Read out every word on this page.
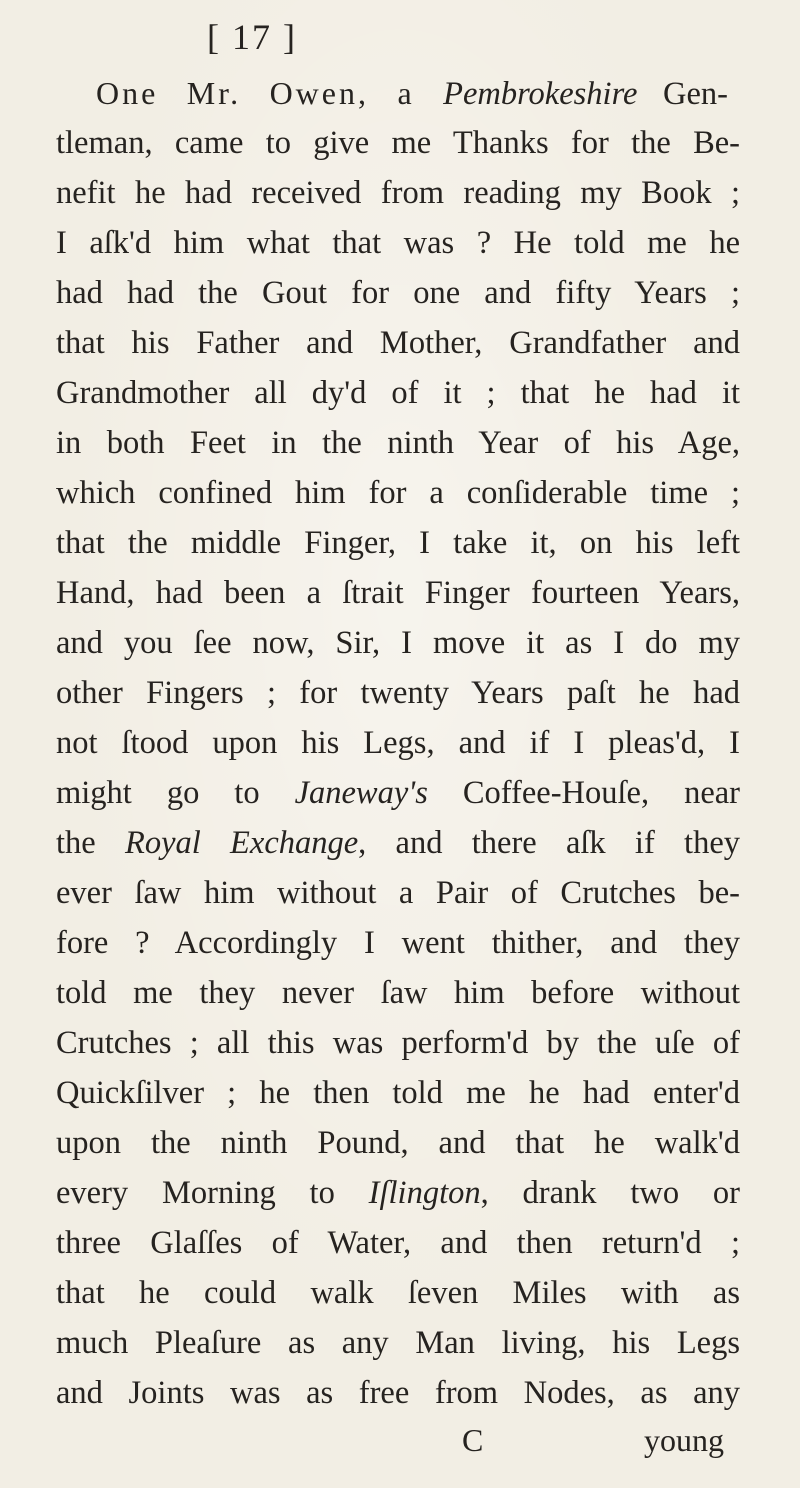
[ 17 ]
One Mr. Owen, a Pembrokeshire Gen-
tleman, came to give me Thanks for the Be-
nefit he had received from reading my Book ;
I aſk'd him what that was ? He told me he
had had the Gout for one and fifty Years ;
that his Father and Mother, Grandfather and
Grandmother all dy'd of it ; that he had it
in both Feet in the ninth Year of his Age,
which confined him for a conſiderable time ;
that the middle Finger, I take it, on his left
Hand, had been a ſtrait Finger fourteen Years,
and you ſee now, Sir, I move it as I do my
other Fingers ; for twenty Years paſt he had
not ſtood upon his Legs, and if I pleas'd, I
might go to Janeway's Coffee-Houſe, near
the Royal Exchange, and there aſk if they
ever ſaw him without a Pair of Crutches be-
fore ? Accordingly I went thither, and they
told me they never ſaw him before without
Crutches ; all this was perform'd by the uſe of
Quickſilver ; he then told me he had enter'd
upon the ninth Pound, and that he walk'd
every Morning to Iſlington, drank two or
three Glaſſes of Water, and then return'd ;
that he could walk ſeven Miles with as
much Pleaſure as any Man living, his Legs
and Joints was as free from Nodes, as any
C	young
